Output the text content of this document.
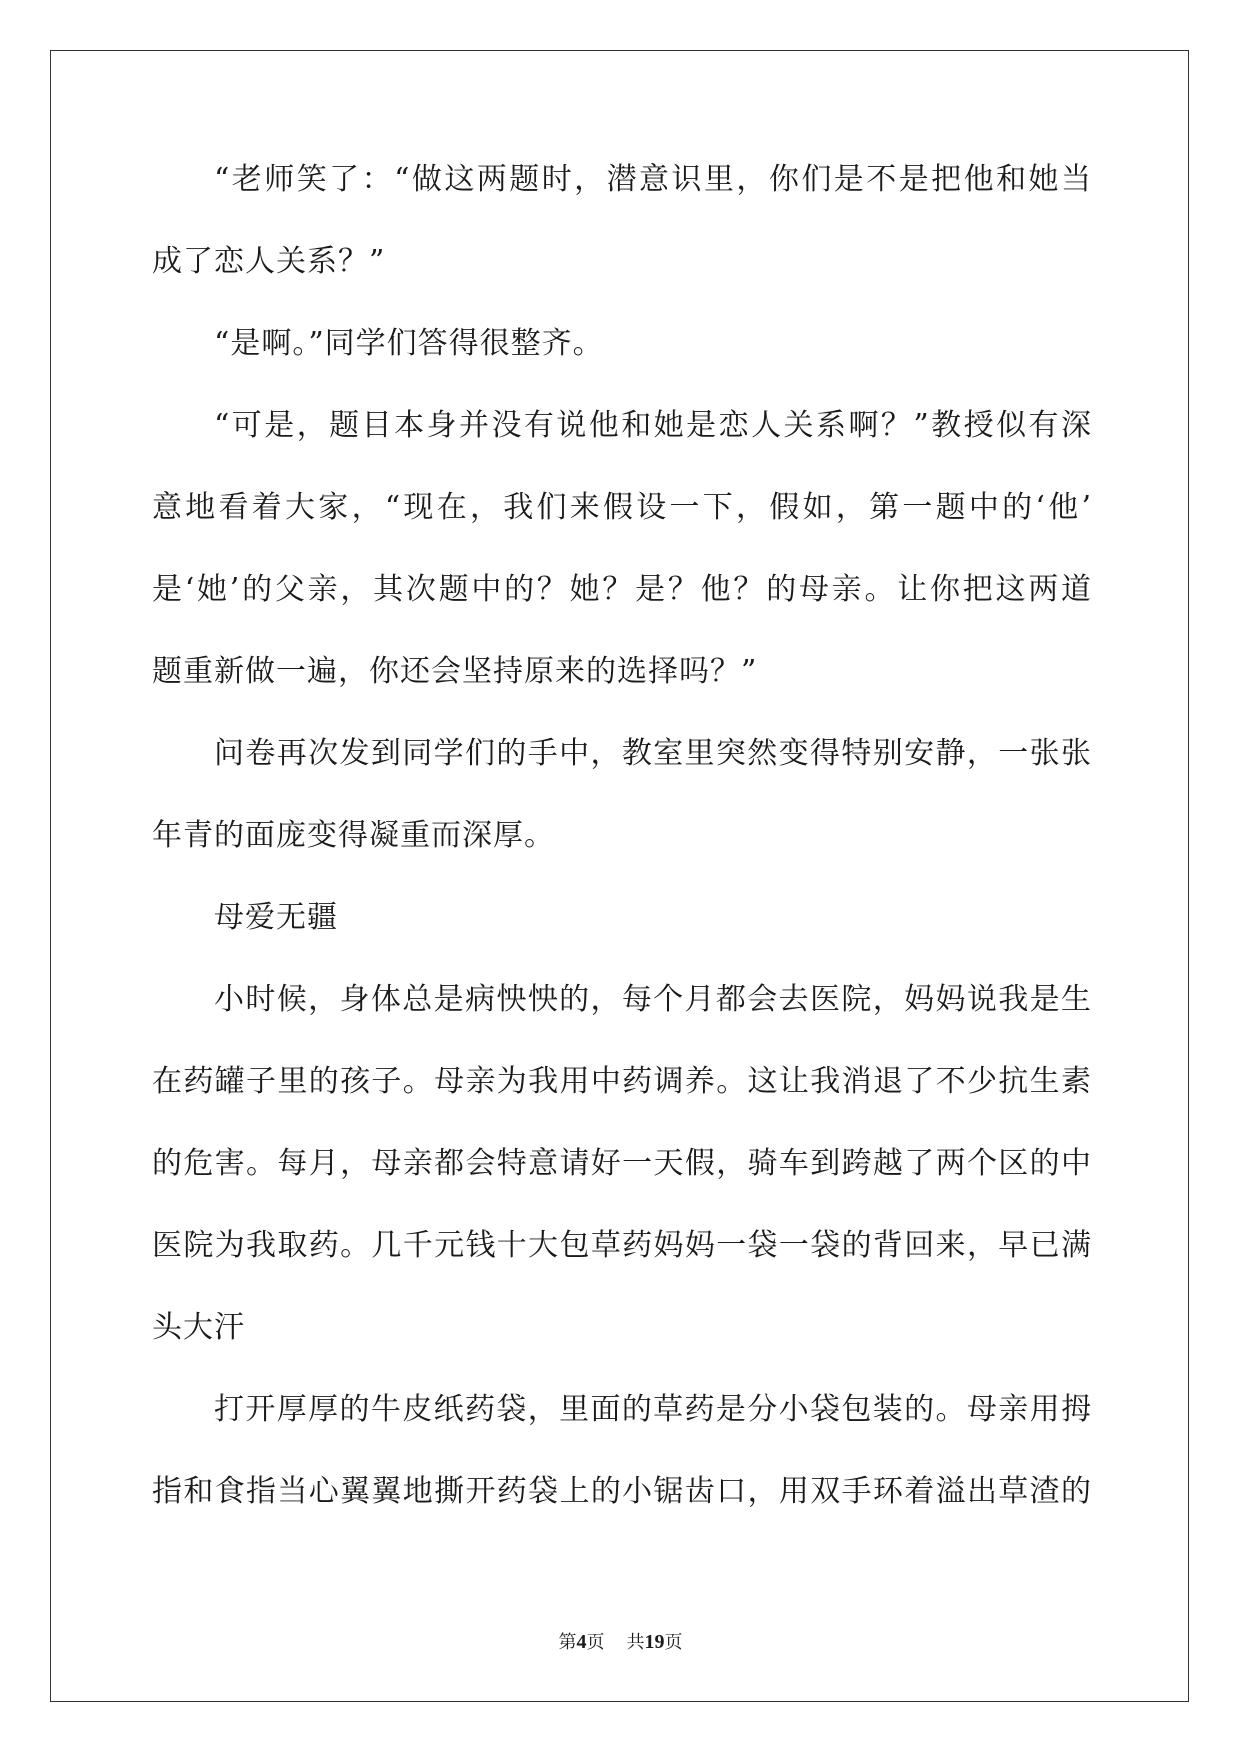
“老师笑了：“做这两题时，潜意识里，你们是不是把他和她当
成了恋人关系？”
“是啊。”同学们答得很整齐。
“可是，题目本身并没有说他和她是恋人关系啊？”教授似有深
意地看着大家，“现在，我们来假设一下，假如，第一题中的‘他’
是‘她’的父亲，其次题中的？她？是？他？的母亲。让你把这两道
题重新做一遍，你还会坚持原来的选择吗？”
问卷再次发到同学们的手中，教室里突然变得特别安静，一张张
年青的面庞变得凝重而深厚。
母爱无疆
小时候，身体总是病怏怏的，每个月都会去医院，妈妈说我是生
在药罐子里的孩子。母亲为我用中药调养。这让我消退了不少抗生素
的危害。每月，母亲都会特意请好一天假，骑车到跨越了两个区的中
医院为我取药。几千元钱十大包草药妈妈一袋一袋的背回来，早已满
头大汗
打开厚厚的牛皮纸药袋，里面的草药是分小袋包装的。母亲用拇
指和食指当心翼翼地撕开药袋上的小锯齿口，用双手环着溢出草渣的
第4页 共19页
